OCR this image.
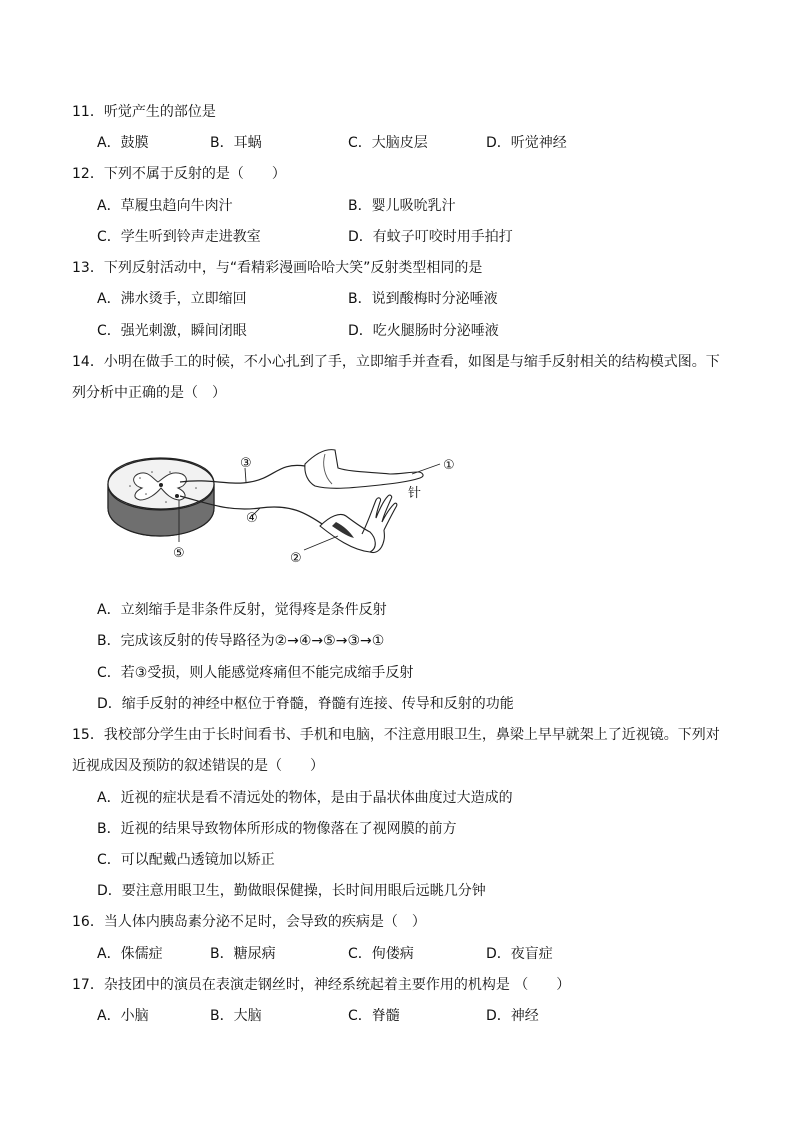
11．听觉产生的部位是
A．鼓膜	B．耳蜗	C．大脑皮层	D．听觉神经
12．下列不属于反射的是（　　）
A．草履虫趋向牛肉汁	B．婴儿吸吮乳汁
C．学生听到铃声走进教室	D．有蚊子叮咬时用手拍打
13．下列反射活动中，与“看精彩漫画哈哈大笑”反射类型相同的是
A．沸水烫手，立即缩回	B．说到酸梅时分泌唾液
C．强光刺激，瞬间闭眼	D．吃火腿肠时分泌唾液
14．小明在做手工的时候，不小心扎到了手，立即缩手并查看，如图是与缩手反射相关的结构模式图。下
列分析中正确的是（　）
③
④
②
①
针
⑤
A．立刻缩手是非条件反射，觉得疼是条件反射
B．完成该反射的传导路径为②→④→⑤→③→①
C．若③受损，则人能感觉疼痛但不能完成缩手反射
D．缩手反射的神经中枢位于脊髓，脊髓有连接、传导和反射的功能
15．我校部分学生由于长时间看书、手机和电脑，不注意用眼卫生，鼻梁上早早就架上了近视镜。下列对
近视成因及预防的叙述错误的是（　　）
A．近视的症状是看不清远处的物体，是由于晶状体曲度过大造成的
B．近视的结果导致物体所形成的物像落在了视网膜的前方
C．可以配戴凸透镜加以矫正
D．要注意用眼卫生，勤做眼保健操，长时间用眼后远眺几分钟
16．当人体内胰岛素分泌不足时，会导致的疾病是（　）
A．侏儒症	B．糖尿病	C．佝偻病	D．夜盲症
17．杂技团中的演员在表演走钢丝时，神经系统起着主要作用的机构是 （　　）
A．小脑	B．大脑	C．脊髓	D．神经
